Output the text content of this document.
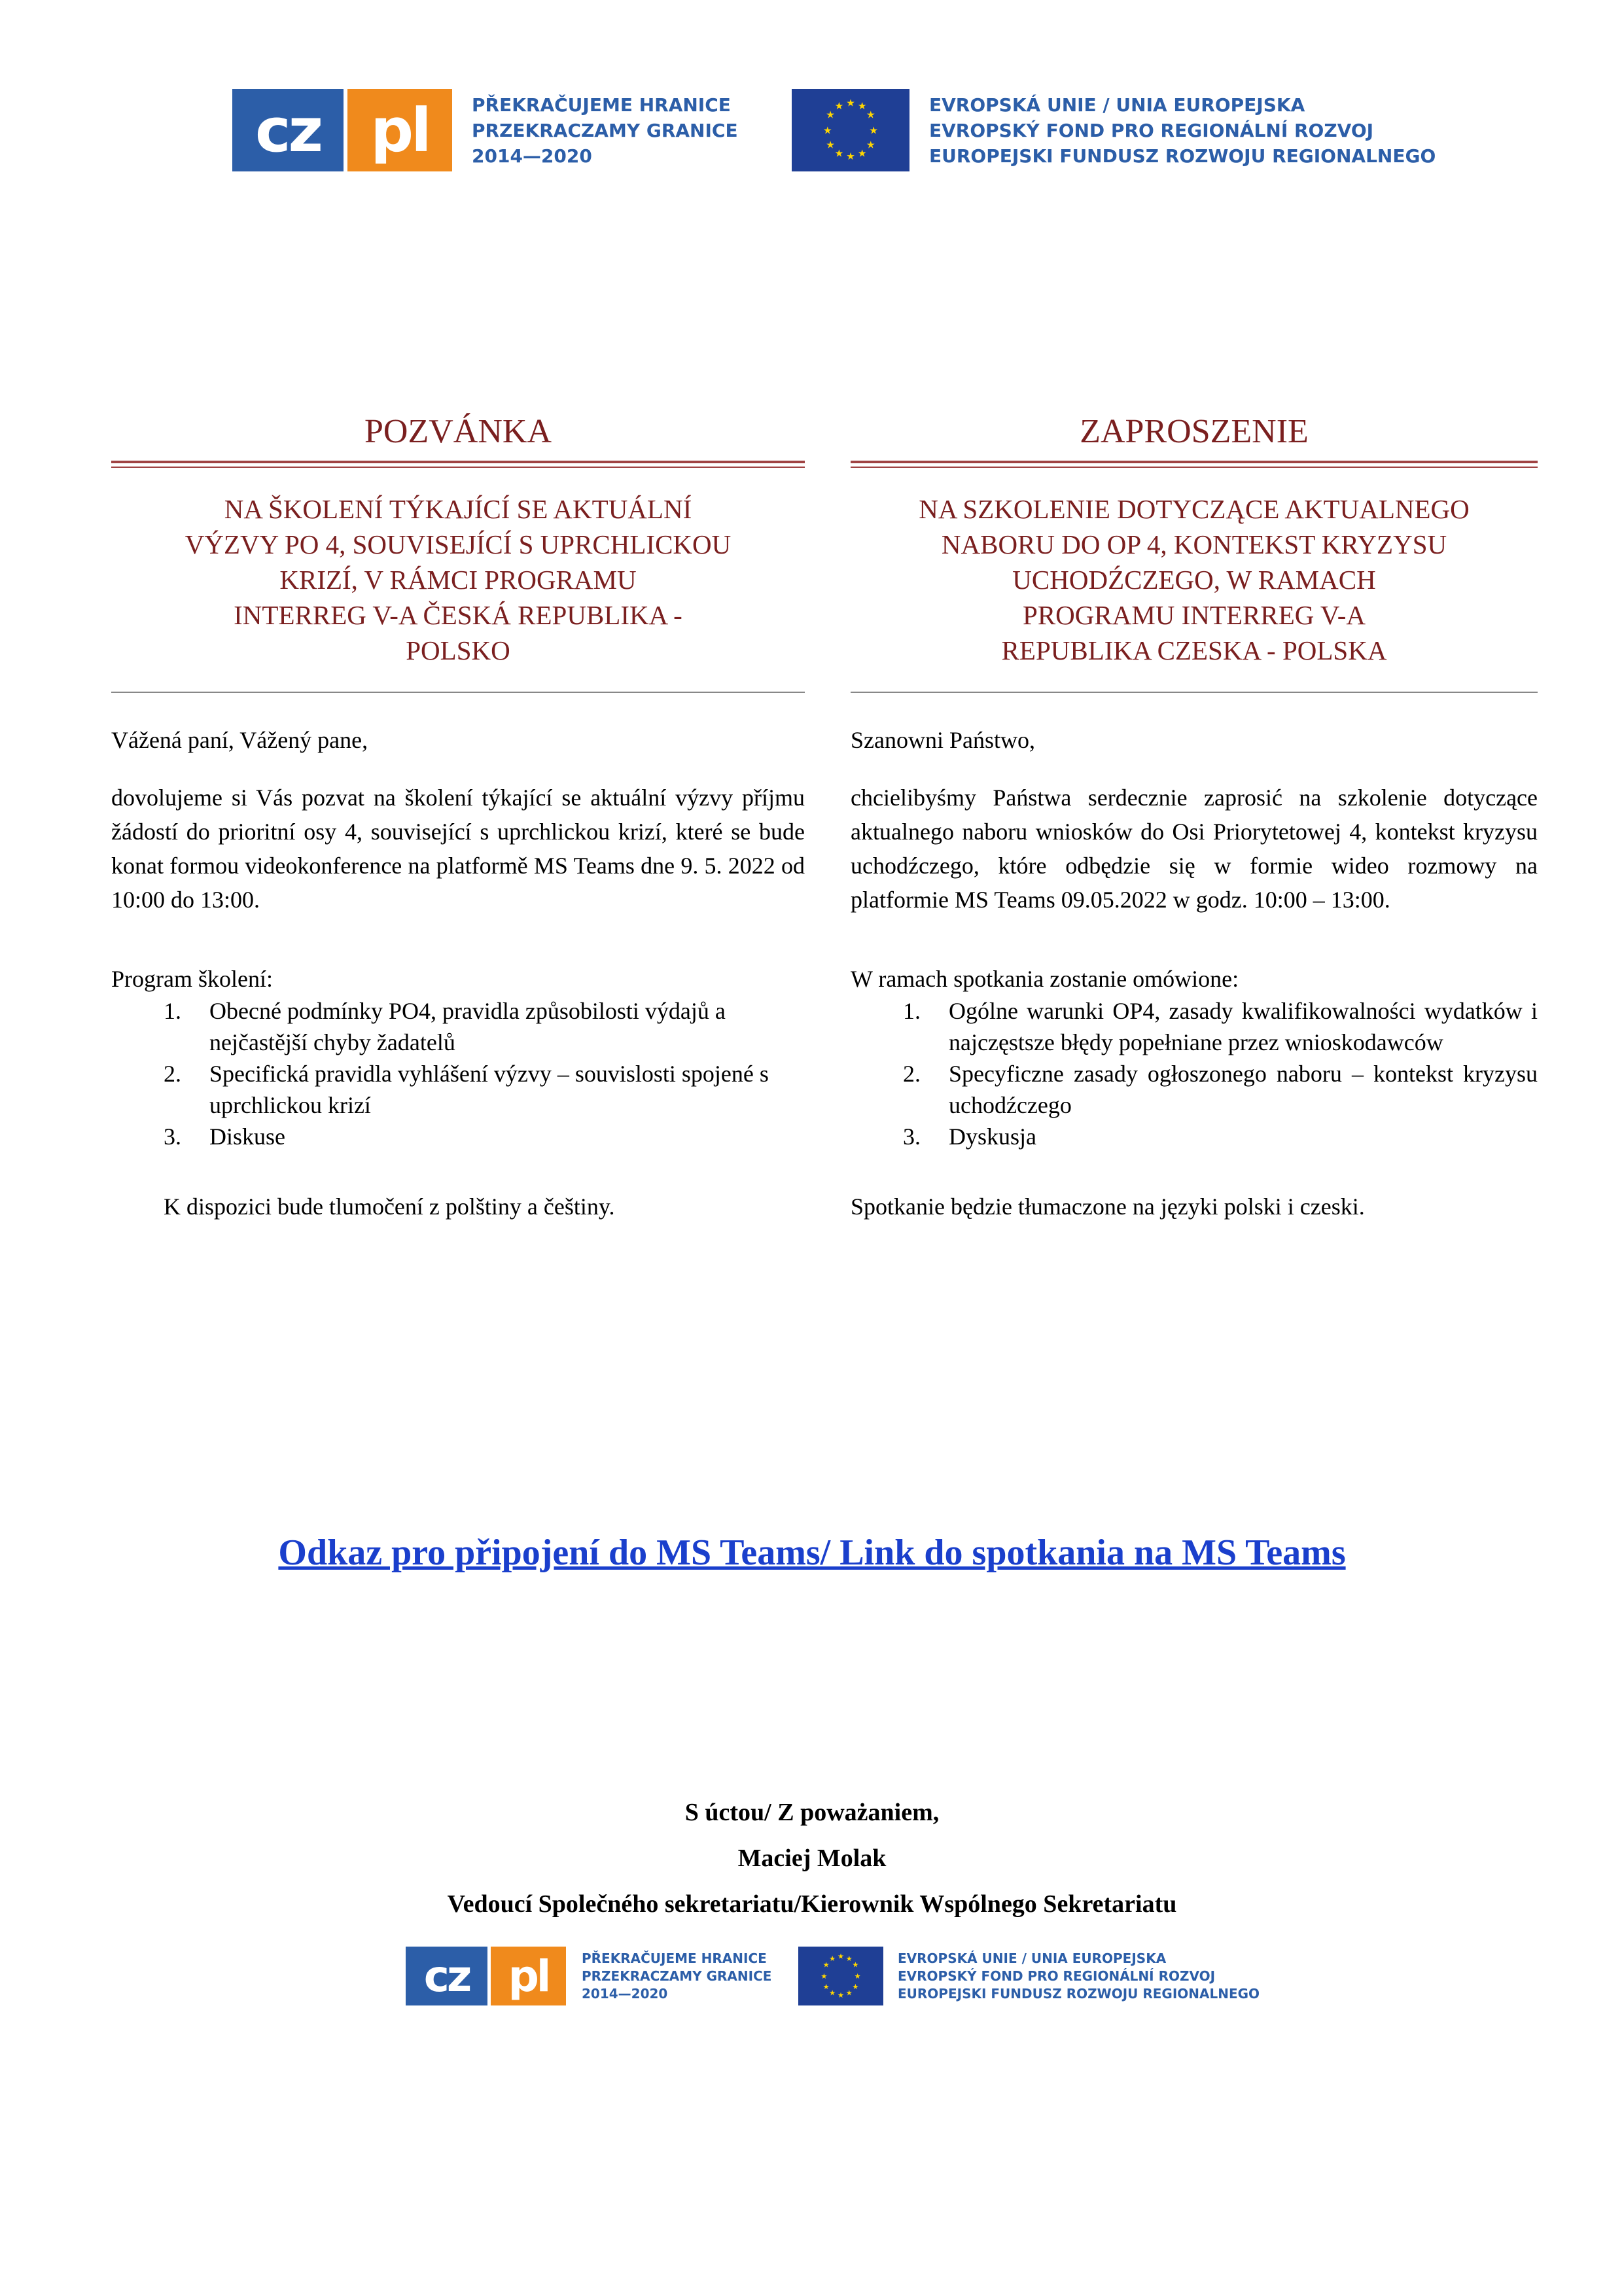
cz pl	PŘEKRAČUJEME HRANICE
PRZEKRACZAMY GRANICE
2014—2020
★ ★
★
★
★
★
★
★
★
★
★
★	EVROPSKÁ UNIE / UNIA EUROPEJSKA
EVROPSKÝ FOND PRO REGIONÁLNÍ ROZVOJ
EUROPEJSKI FUNDUSZ ROZWOJU REGIONALNEGO
POZVÁNKA
NA ŠKOLENÍ TÝKAJÍCÍ SE AKTUÁLNÍ
VÝZVY PO 4, SOUVISEJÍCÍ S UPRCHLICKOU
KRIZÍ, V RÁMCI PROGRAMU
INTERREG V-A ČESKÁ REPUBLIKA -
POLSKO
Vážená paní, Vážený pane,
dovolujeme si Vás pozvat na školení týkající se aktuální výzvy příjmu žádostí do prioritní osy 4, související s uprchlickou krizí, které se bude konat formou videokonference na platformě MS Teams dne 9. 5. 2022 od 10:00 do 13:00.
Program školení:
1. Obecné podmínky PO4, pravidla způsobilosti výdajů a nejčastější chyby žadatelů
2. Specifická pravidla vyhlášení výzvy – souvislosti spojené s uprchlickou krizí
3. Diskuse
K dispozici bude tlumočení z polštiny a češtiny.
ZAPROSZENIE
NA SZKOLENIE DOTYCZĄCE AKTUALNEGO
NABORU DO OP 4, KONTEKST KRYZYSU
UCHODŹCZEGO, W RAMACH
PROGRAMU INTERREG V-A
REPUBLIKA CZESKA - POLSKA
Szanowni Państwo,
chcielibyśmy Państwa serdecznie zaprosić na szkolenie dotyczące aktualnego naboru wniosków do Osi Priorytetowej 4, kontekst kryzysu uchodźczego, które odbędzie się w formie wideo rozmowy na platformie MS Teams 09.05.2022 w godz. 10:00 – 13:00.
W ramach spotkania zostanie omówione:
1. Ogólne warunki OP4, zasady kwalifikowalności wydatków i najczęstsze błędy popełniane przez wnioskodawców
2. Specyficzne zasady ogłoszonego naboru – kontekst kryzysu uchodźczego
3. Dyskusja
Spotkanie będzie tłumaczone na języki polski i czeski.
Odkaz pro připojení do MS Teams/ Link do spotkania na MS Teams
S úctou/ Z poważaniem,
Maciej Molak
Vedoucí Společného sekretariatu/Kierownik Wspólnego Sekretariatu
cz pl	PŘEKRAČUJEME HRANICE
PRZEKRACZAMY GRANICE
2014—2020
★ ★
★
★
★
★
★
★
★
★
★
★	EVROPSKÁ UNIE / UNIA EUROPEJSKA
EVROPSKÝ FOND PRO REGIONÁLNÍ ROZVOJ
EUROPEJSKI FUNDUSZ ROZWOJU REGIONALNEGO
